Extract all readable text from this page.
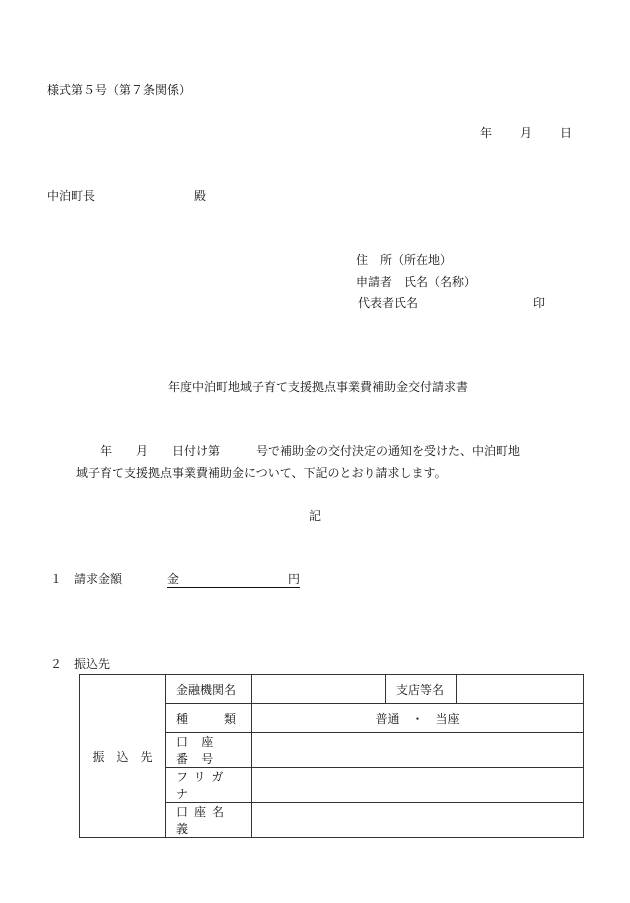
様式第５号（第７条関係）
年 月 日
中泊町長	殿
住　所（所在地）
申請者　氏名（名称）
代表者氏名	印
年度中泊町地域子育て支援拠点事業費補助金交付請求書
年　　月　　日付け第　　　号で補助金の交付決定の通知を受けた、中泊町地
域子育て支援拠点事業費補助金について、下記のとおり請求します。
記
１ 請求金額	金	円
２ 振込先
振　込　先	金融機関名		支店等名	
	種　　　類	普通　・　当座		
	口座番号			
	フリガナ			
	口座名義			
